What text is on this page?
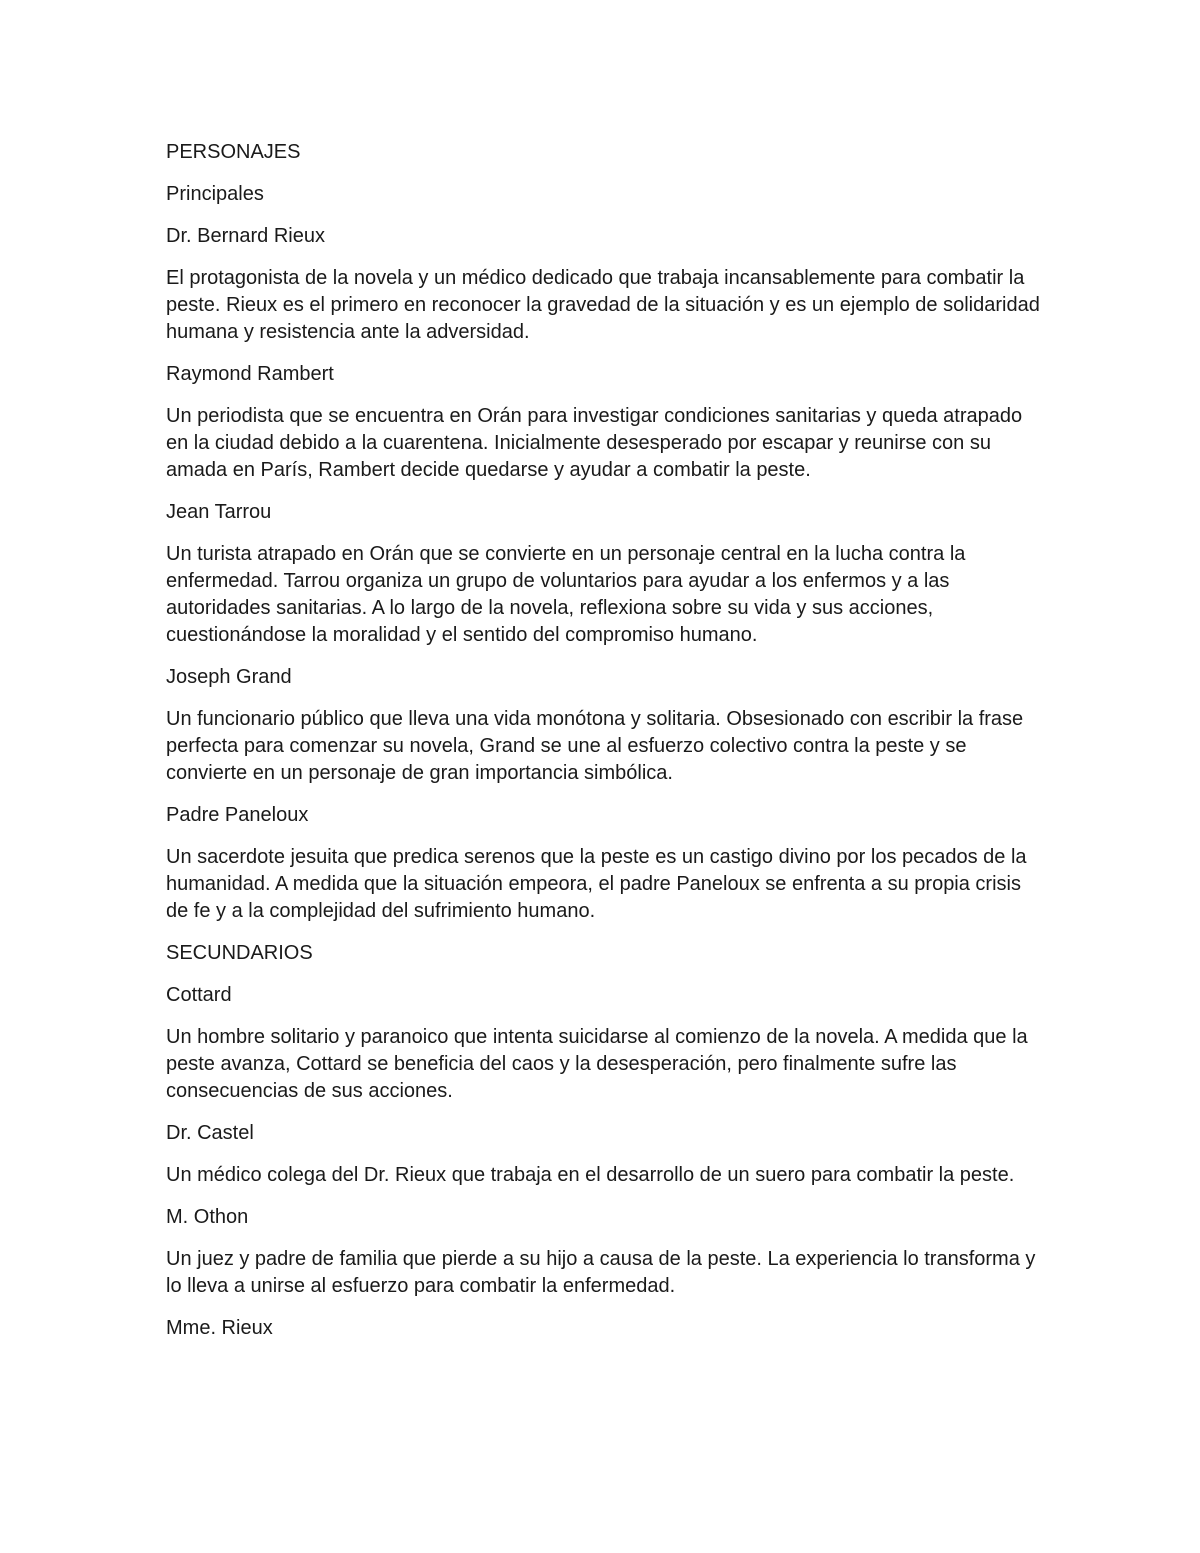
PERSONAJES

Principales

Dr. Bernard Rieux

El protagonista de la novela y un médico dedicado que trabaja incansablemente para combatir la peste. Rieux es el primero en reconocer la gravedad de la situación y es un ejemplo de solidaridad humana y resistencia ante la adversidad.

Raymond Rambert

Un periodista que se encuentra en Orán para investigar condiciones sanitarias y queda atrapado en la ciudad debido a la cuarentena. Inicialmente desesperado por escapar y reunirse con su amada en París, Rambert decide quedarse y ayudar a combatir la peste.

Jean Tarrou

Un turista atrapado en Orán que se convierte en un personaje central en la lucha contra la enfermedad. Tarrou organiza un grupo de voluntarios para ayudar a los enfermos y a las autoridades sanitarias. A lo largo de la novela, reflexiona sobre su vida y sus acciones, cuestionándose la moralidad y el sentido del compromiso humano.

Joseph Grand

Un funcionario público que lleva una vida monótona y solitaria. Obsesionado con escribir la frase perfecta para comenzar su novela, Grand se une al esfuerzo colectivo contra la peste y se convierte en un personaje de gran importancia simbólica.

Padre Paneloux

Un sacerdote jesuita que predica serenos que la peste es un castigo divino por los pecados de la humanidad. A medida que la situación empeora, el padre Paneloux se enfrenta a su propia crisis de fe y a la complejidad del sufrimiento humano.

SECUNDARIOS

Cottard

Un hombre solitario y paranoico que intenta suicidarse al comienzo de la novela. A medida que la peste avanza, Cottard se beneficia del caos y la desesperación, pero finalmente sufre las consecuencias de sus acciones.

Dr. Castel

Un médico colega del Dr. Rieux que trabaja en el desarrollo de un suero para combatir la peste.

M. Othon

Un juez y padre de familia que pierde a su hijo a causa de la peste. La experiencia lo transforma y lo lleva a unirse al esfuerzo para combatir la enfermedad.

Mme. Rieux
